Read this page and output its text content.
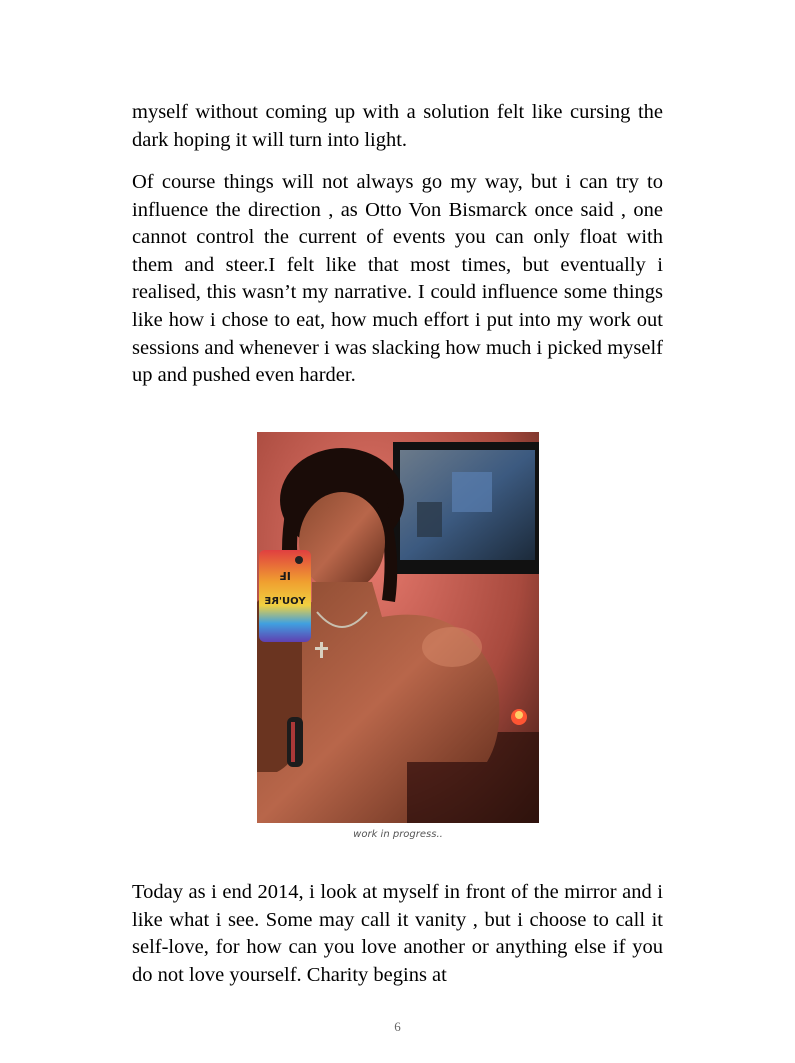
myself without coming up with a solution felt like cursing the dark hoping it will turn into light.

Of course things will not always go my way, but i can try to influence the direction , as Otto Von Bismarck once said , one cannot control the current of events you can only float with them and steer.I felt like that most times, but eventually i realised, this wasn’t my narrative. I could influence some things like how i chose to eat, how much effort i put into my work out sessions and whenever i was slacking how much i picked myself up and pushed even harder.

IF
YOU'RE
work in progress..

Today as i end 2014, i look at myself in front of the mirror and i like what i see. Some may call it vanity , but i choose to call it self-love, for how can you love another or anything else if you do not love yourself. Charity begins at

6
